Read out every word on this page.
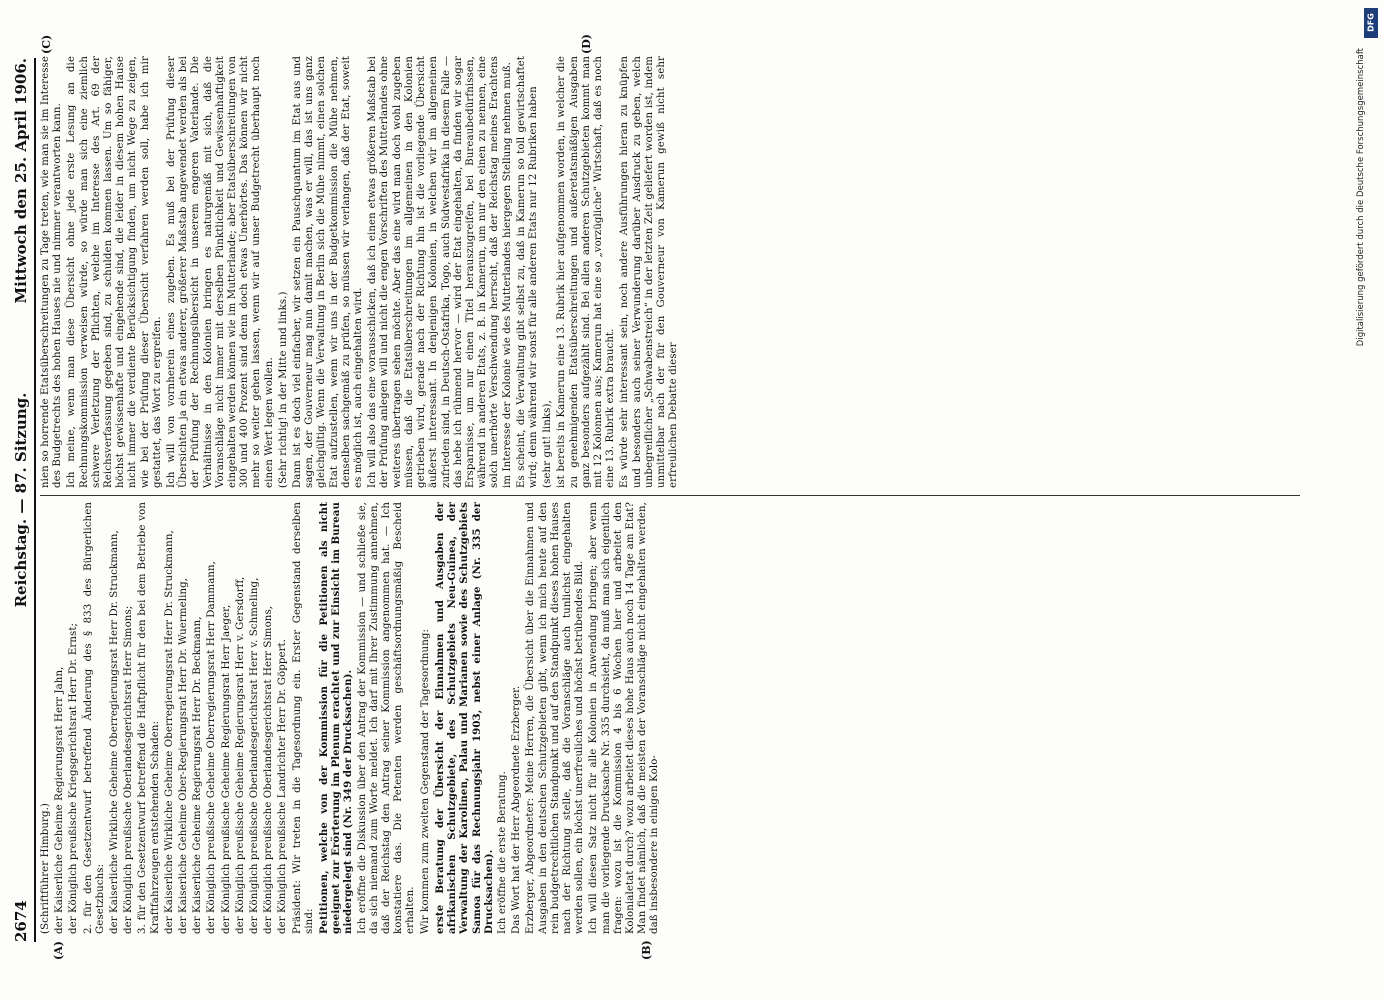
2674
Reichstag. — 87. Sitzung.
Mittwoch den 25. April 1906.
(A)	(B)
(C)	(D)

(Schriftführer Himburg.) der Kaiserliche Geheime Regierungsrat Herr Jahn, der Königlich preußische Kriegsgerichtsrat Herr Dr. Ernst; 2. für den Gesetzentwurf betreffend Änderung des § 833 des Bürgerlichen Gesetzbuchs: der Kaiserliche Wirkliche Geheime Oberregierungsrat Herr Dr. Struckmann, der Königlich preußische Oberlandesgerichtsrat Herr Simons; 3. für den Gesetzentwurf betreffend die Haftpflicht für den bei dem Betriebe von Kraftfahrzeugen entstehenden Schaden: der Kaiserliche Wirkliche Geheime Oberregierungsrat Herr Dr. Struckmann, der Kaiserliche Geheime Ober-Regierungsrat Herr Dr. Wuermeling, der Kaiserliche Geheime Regierungsrat Herr Dr. Beckmann, der Königlich preußische Geheime Oberregierungsrat Herr Dammann, der Königlich preußische Geheime Regierungsrat Herr Jaeger, der Königlich preußische Geheime Regierungsrat Herr v. Gersdorff, der Königlich preußische Oberlandesgerichtsrat Herr v. Schmeling, der Königlich preußische Oberlandesgerichtsrat Herr Simons, der Königlich preußische Landrichter Herr Dr. Göppert. Präsident: Wir treten in die Tagesordnung ein. Erster Gegenstand derselben sind: Petitionen, welche von der Kommission für die Petitionen als nicht geeignet zur Erörterung im Plenum erachtet und zur Einsicht im Bureau niedergelegt sind (Nr. 349 der Drucksachen). Ich eröffne die Diskussion über den Antrag der Kommission — und schließe sie, da sich niemand zum Worte meldet. Ich darf mit Ihrer Zustimmung annehmen, daß der Reichstag den Antrag seiner Kommission angenommen hat. — Ich konstatiere das. Die Petenten werden geschäftsordnungsmäßig Bescheid erhalten. Wir kommen zum zweiten Gegenstand der Tagesordnung: erste Beratung der Übersicht der Einnahmen und Ausgaben der afrikanischen Schutzgebiete, des Schutzgebiets Neu-Guinea, der Verwaltung der Karolinen, Palau und Marianen sowie des Schutzgebiets Samoa für das Rechnungsjahr 1903, nebst einer Anlage (Nr. 335 der Drucksachen). Ich eröffne die erste Beratung. Das Wort hat der Herr Abgeordnete Erzberger. Erzberger, Abgeordneter: Meine Herren, die Übersicht über die Einnahmen und Ausgaben in den deutschen Schutzgebieten gibt, wenn ich mich heute auf den rein budgetrechtlichen Standpunkt und auf den Standpunkt dieses hohen Hauses nach der Richtung stelle, daß die Voranschläge auch tunlichst eingehalten werden sollen, ein höchst unerfreuliches und höchst betrübendes Bild. Ich will diesen Satz nicht für alle Kolonien in Anwendung bringen; aber wenn man die vorliegende Drucksache Nr. 335 durchsieht, da muß man sich eigentlich fragen: wozu ist die Kommission 4 bis 6 Wochen hier und arbeitet den Kolonialetat durch? wozu arbeitet dieses hohe Haus auch noch 14 Tage am Etat? Man findet nämlich, daß die meisten der Voranschläge nicht eingehalten werden, daß insbesondere in einigen Kolo-

nien so horrende Etatsüberschreitungen zu Tage treten, wie man sie im Interesse des Budgetrechts des hohen Hauses nie und nimmer verantworten kann. Ich meine, wenn man diese Übersicht ohne jede erste Lesung an die Rechnungskommission verweisen würde, so würde man sich eine ziemlich schwere Verletzung der Pflichten, welche im Interesse des Art. 69 der Reichsverfassung gegeben sind, zu schulden kommen lassen. Um so fähiger, höchst gewissenhafte und eingehende sind, die leider in diesem hohen Hause nicht immer die verdiente Berücksichtigung finden, um nicht Wege zu zeigen, wie bei der Prüfung dieser Übersicht verfahren werden soll, habe ich mir gestattet, das Wort zu ergreifen. Ich will von vornherein eines zugeben. Es muß bei der Prüfung dieser Übersichten ja ein etwas anderer, größerer Maßstab angewendet werden als bei der Prüfung der Rechnungsübersicht in unserem engeren Vaterlande. Die Verhältnisse in den Kolonien bringen es naturgemäß mit sich, daß die Voranschläge nicht immer mit derselben Pünktlichkeit und Gewissenhaftigkeit eingehalten werden können wie im Mutterlande; aber Etatsüberschreitungen von 300 und 400 Prozent sind denn doch etwas Unerhörtes. Das können wir nicht mehr so weiter gehen lassen, wenn wir auf unser Budgetrecht überhaupt noch einen Wert legen wollen. (Sehr richtig! in der Mitte und links.) Dann ist es doch viel einfacher, wir setzen ein Pauschquantum im Etat aus und sagen, der Gouverneur mag nun damit machen, was er will, das ist uns ganz gleichgültig. Wenn die Verwaltung in Berlin sich die Mühe nimmt, einen solchen Etat aufzustellen, wenn wir uns in der Budgetkommission die Mühe nehmen, denselben sachgemäß zu prüfen, so müssen wir verlangen, daß der Etat, soweit es möglich ist, auch eingehalten wird. Ich will also das eine vorausschicken, daß ich einen etwas größeren Maßstab bei der Prüfung anlegen will und nicht die engen Vorschriften des Mutterlandes ohne weiteres übertragen sehen möchte. Aber das eine wird man doch wohl zugeben müssen, daß die Etatsüberschreitungen im allgemeinen in den Kolonien getrieben wird, gerade nach der Richtung hin ist die vorliegende Übersicht äußerst interessant. In denjenigen Kolonien, in welchen wir im allgemeinen zufrieden sind, in Deutsch-Ostafrika, Togo, auch Südwestafrika in diesem Falle — das hebe ich rühmend hervor — wird der Etat eingehalten, da finden wir sogar Ersparnisse, um nur einen Titel herauszugreifen, bei Bureaubedürfnissen, während in anderen Etats, z. B. in Kamerun, um nur den einen zu nennen, eine solch unerhörte Verschwendung herrscht, daß der Reichstag meines Erachtens im Interesse der Kolonie wie des Mutterlandes hiergegen Stellung nehmen muß. Es scheint, die Verwaltung gibt selbst zu, daß in Kamerun so toll gewirtschaftet wird; denn während wir sonst für alle anderen Etats nur 12 Rubriken haben (sehr gut! links), ist bereits in Kamerun eine 13. Rubrik hier aufgenommen worden, in welcher die zu genehmigenden Etatsüberschreitungen und außeretatsmäßigen Ausgaben ganz besonders aufgezählt sind. Bei allen anderen Schutzgebieten kommt man mit 12 Kolonnen aus; Kamerun hat eine so „vorzügliche“ Wirtschaft, daß es noch eine 13. Rubrik extra braucht. Es würde sehr interessant sein, noch andere Ausführungen hieran zu knüpfen und besonders auch seiner Verwunderung darüber Ausdruck zu geben, welch unbegreiflicher „Schwabenstreich“ in der letzten Zeit geliefert worden ist, indem unmittelbar nach der für den Gouverneur von Kamerun gewiß nicht sehr erfreulichen Debatte dieser

Digitalisierung gefördert durch die Deutsche Forschungsgemeinschaft
DFG
